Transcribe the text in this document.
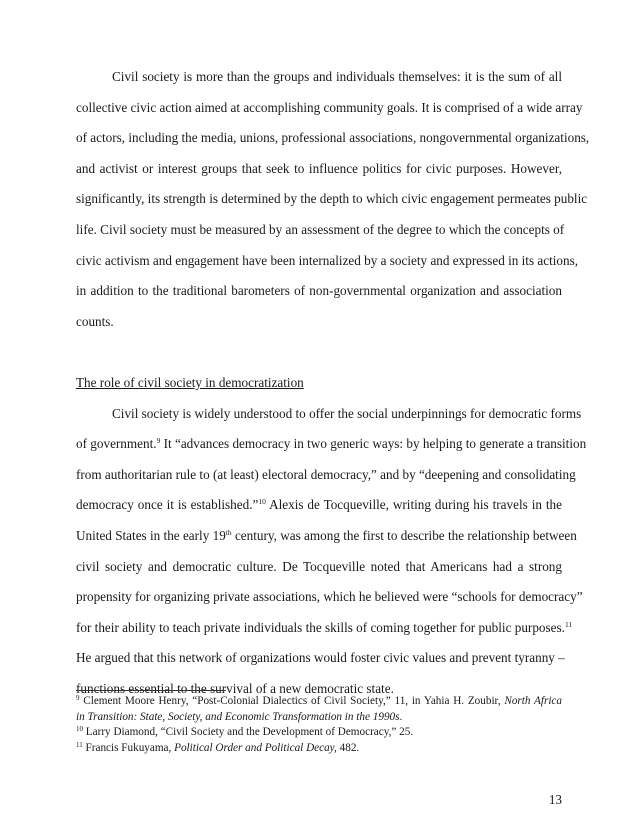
Civil society is more than the groups and individuals themselves: it is the sum of all
collective civic action aimed at accomplishing community goals. It is comprised of a wide array
of actors, including the media, unions, professional associations, nongovernmental organizations,
and activist or interest groups that seek to influence politics for civic purposes. However,
significantly, its strength is determined by the depth to which civic engagement permeates public
life. Civil society must be measured by an assessment of the degree to which the concepts of
civic activism and engagement have been internalized by a society and expressed in its actions,
in addition to the traditional barometers of non-governmental organization and association
counts.
The role of civil society in democratization
Civil society is widely understood to offer the social underpinnings for democratic forms
of government.$^9$ It “advances democracy in two generic ways: by helping to generate a transition
from authoritarian rule to (at least) electoral democracy,” and by “deepening and consolidating
democracy once it is established.”$^{10}$ Alexis de Tocqueville, writing during his travels in the
United States in the early 19th century, was among the first to describe the relationship between
civil society and democratic culture. De Tocqueville noted that Americans had a strong
propensity for organizing private associations, which he believed were “schools for democracy”
for their ability to teach private individuals the skills of coming together for public purposes.$^{11}$
He argued that this network of organizations would foster civic values and prevent tyranny –
functions essential to the survival of a new democratic state.
$^9$ Clement Moore Henry, “Post-Colonial Dialectics of Civil Society,” 11, in Yahia H. Zoubir, North Africa
in Transition: State, Society, and Economic Transformation in the 1990s.
$^{10}$ Larry Diamond, “Civil Society and the Development of Democracy,” 25.
$^{11}$ Francis Fukuyama, Political Order and Political Decay, 482.
13
